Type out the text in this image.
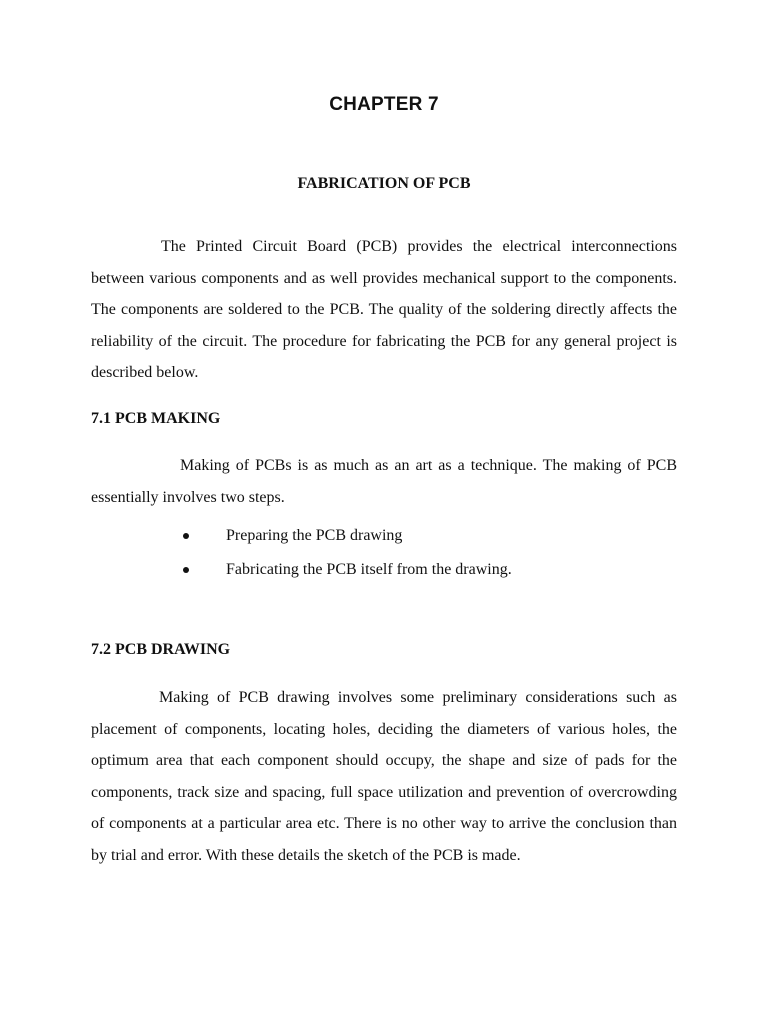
CHAPTER 7
FABRICATION OF PCB
The Printed Circuit Board (PCB) provides the electrical interconnections between various components and as well provides mechanical support to the components. The components are soldered to the PCB. The quality of the soldering directly affects the reliability of the circuit. The procedure for fabricating the PCB for any general project is described below.
7.1 PCB MAKING
Making of PCBs is as much as an art as a technique. The making of PCB essentially involves two steps.
Preparing the PCB drawing
Fabricating the PCB itself from the drawing.
7.2 PCB DRAWING
Making of PCB drawing involves some preliminary considerations such as placement of components, locating holes, deciding the diameters of various holes, the optimum area that each component should occupy, the shape and size of pads for the components, track size and spacing, full space utilization and prevention of overcrowding of components at a particular area etc. There is no other way to arrive the conclusion than by trial and error. With these details the sketch of the PCB is made.
